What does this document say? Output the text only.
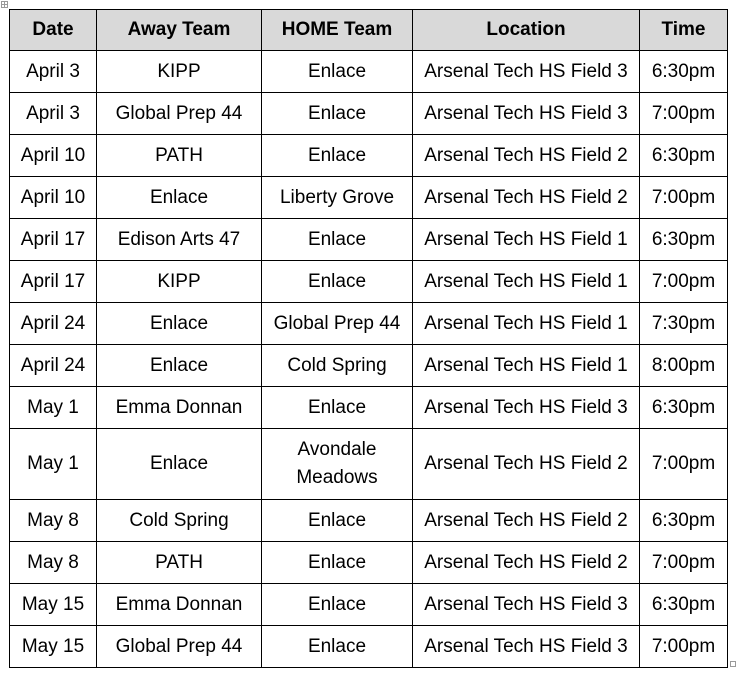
Date	Away Team	HOME Team	Location	Time
April 3	KIPP	Enlace	Arsenal Tech HS Field 3	6:30pm
April 3	Global Prep 44	Enlace	Arsenal Tech HS Field 3	7:00pm
April 10	PATH	Enlace	Arsenal Tech HS Field 2	6:30pm
April 10	Enlace	Liberty Grove	Arsenal Tech HS Field 2	7:00pm
April 17	Edison Arts 47	Enlace	Arsenal Tech HS Field 1	6:30pm
April 17	KIPP	Enlace	Arsenal Tech HS Field 1	7:00pm
April 24	Enlace	Global Prep 44	Arsenal Tech HS Field 1	7:30pm
April 24	Enlace	Cold Spring	Arsenal Tech HS Field 1	8:00pm
May 1	Emma Donnan	Enlace	Arsenal Tech HS Field 3	6:30pm
May 1	Enlace	Avondale Meadows	Arsenal Tech HS Field 2	7:00pm
May 8	Cold Spring	Enlace	Arsenal Tech HS Field 2	6:30pm
May 8	PATH	Enlace	Arsenal Tech HS Field 2	7:00pm
May 15	Emma Donnan	Enlace	Arsenal Tech HS Field 3	6:30pm
May 15	Global Prep 44	Enlace	Arsenal Tech HS Field 3	7:00pm
